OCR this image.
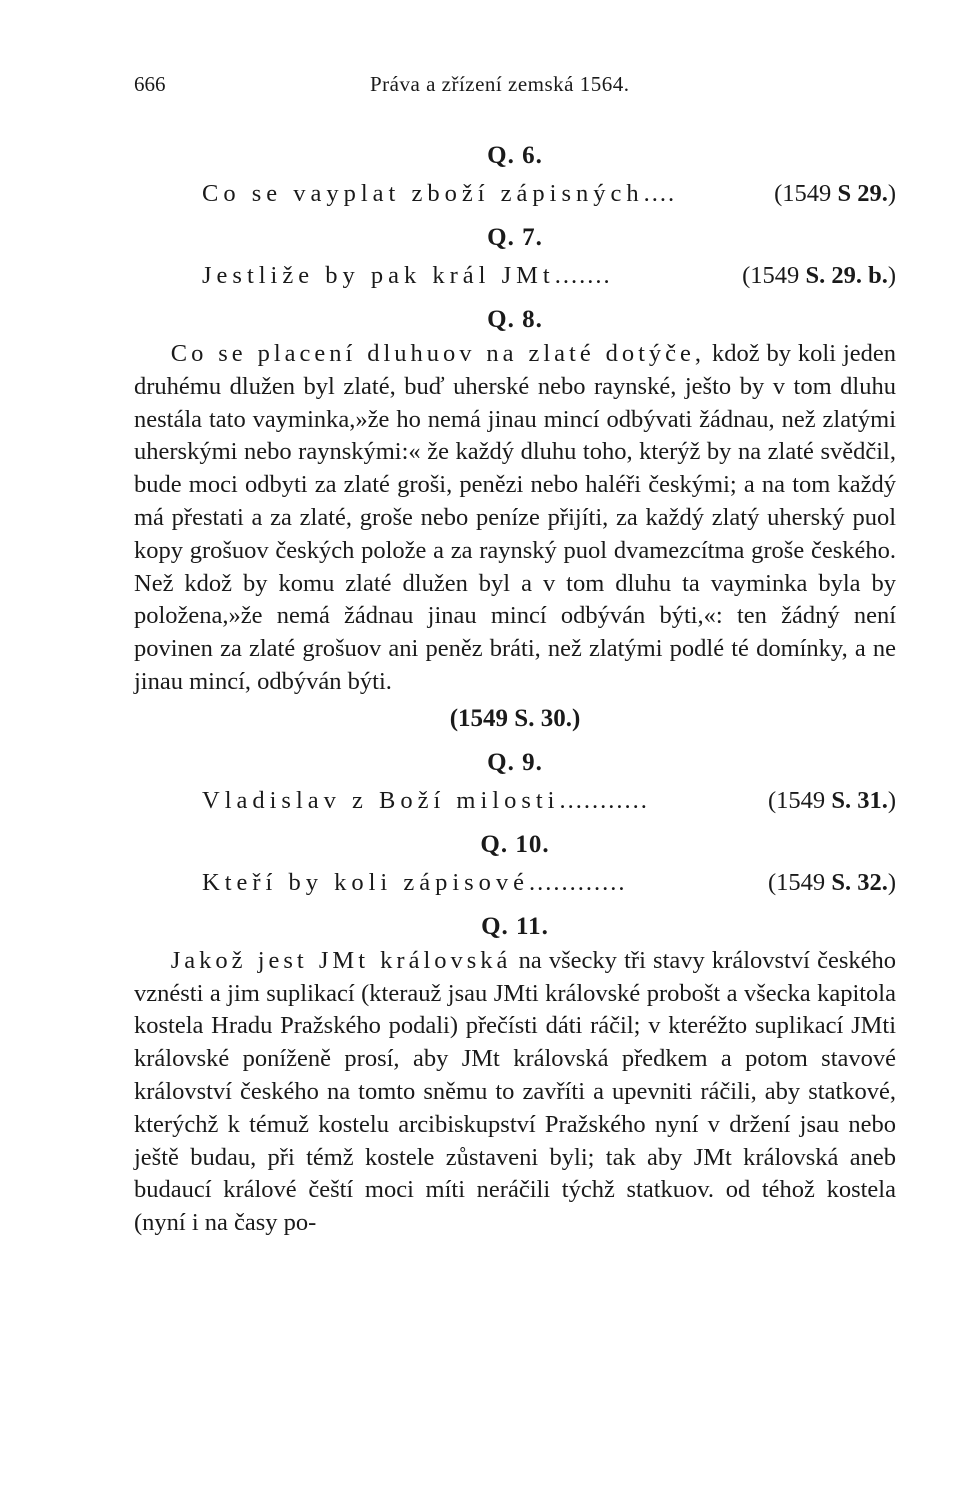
666	Práva a zřízení zemská 1564.
Q. 6.
Co se vayplat zboží zápisných....	(1549 S 29.)
Q. 7.
Jestliže by pak král JMt.......	(1549 S. 29. b.)
Q. 8.

  Co se placení dluhuov na zlaté dotýče, kdož by koli jeden druhému dlužen byl zlaté, buď uherské nebo raynské, ješto by v tom dluhu nestála tato vayminka,»že ho nemá jinau mincí odbývati žádnau, než zlatými uherskými nebo raynskými:« že každý dluhu toho, kterýž by na zlaté svědčil, bude moci odbyti za zlaté groši, penězi nebo haléři českými; a na tom každý má přestati a za zlaté, groše nebo peníze přijíti, za každý zlatý uherský puol kopy grošuov českých polože a za raynský puol dvamezcítma groše českého. Než kdož by komu zlaté dlužen byl a v tom dluhu ta vayminka byla by položena,»že nemá žádnau jinau mincí odbýván býti,«: ten žádný není povinen za zlaté grošuov ani peněz bráti, než zlatými podlé té domínky, a ne jinau mincí, odbýván býti.

(1549 S. 30.)
Q. 9.
Vladislav z Boží milosti...........	(1549 S. 31.)
Q. 10.
Kteří by koli zápisové............	(1549 S. 32.)
Q. 11.

  Jakož jest JMt královská na všecky tři stavy království českého vznésti a jim suplikací (kterauž jsau JMti královské probošt a všecka kapitola kostela Hradu Pražského podali) přečísti dáti ráčil; v kteréžto suplikací JMti královské poníženě prosí, aby JMt královská předkem a potom stavové království českého na tomto sněmu to zavříti a upevniti ráčili, aby statkové, kterýchž k témuž kostelu arcibiskupství Pražského nyní v držení jsau nebo ještě budau, při témž kostele zůstaveni byli; tak aby JMt královská aneb budaucí králové čeští moci míti neráčili týchž statkuov. od téhož kostela (nyní i na časy po-
